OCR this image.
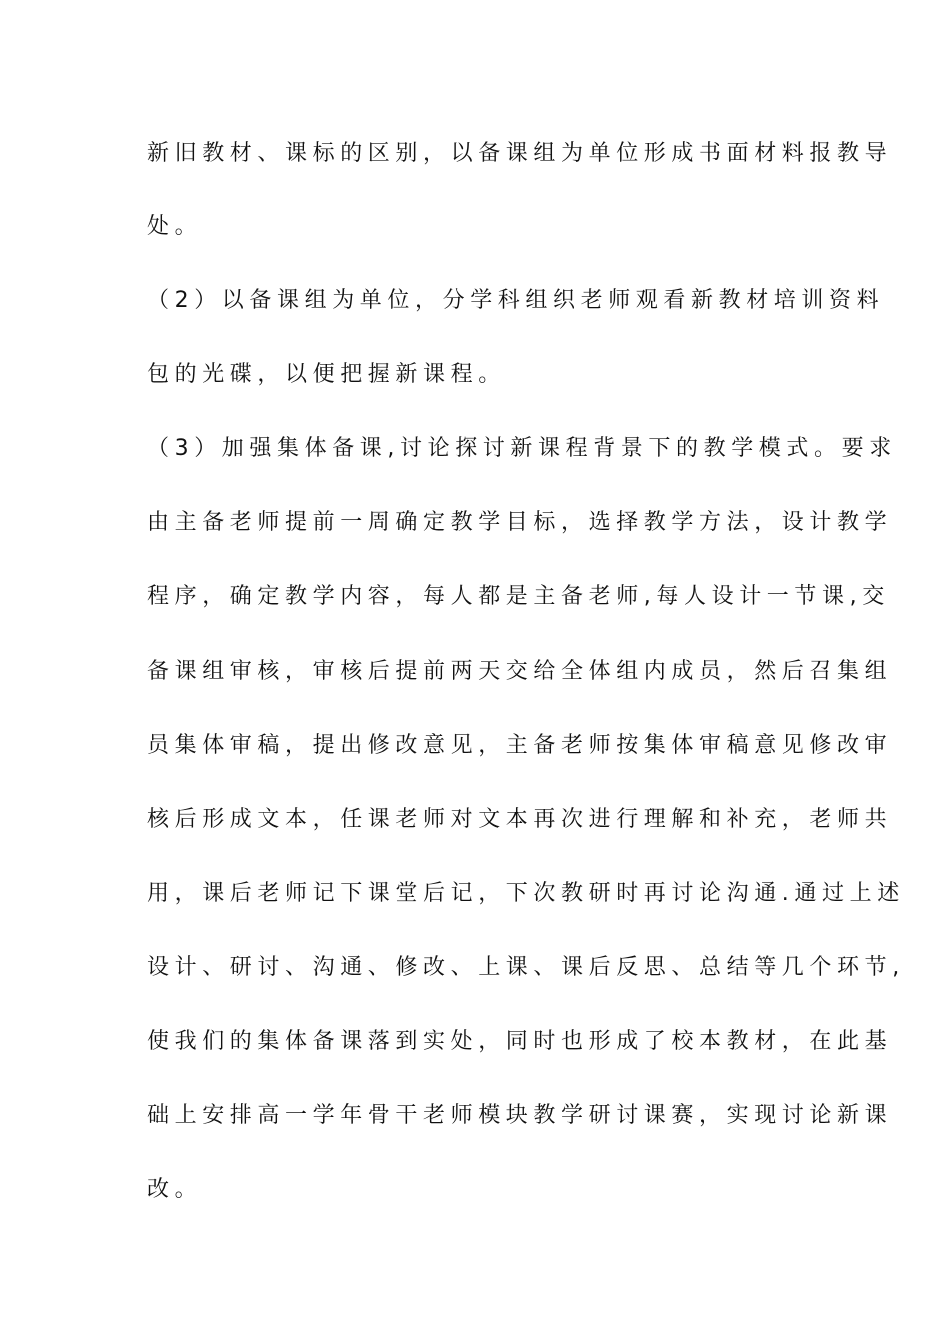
新旧教材、课标的区别，以备课组为单位形成书面材料报教导
处。
（2）以备课组为单位，分学科组织老师观看新教材培训资料
包的光碟，以便把握新课程。
（3）加强集体备课,讨论探讨新课程背景下的教学模式。要求
由主备老师提前一周确定教学目标，选择教学方法，设计教学
程序，确定教学内容，每人都是主备老师,每人设计一节课,交
备课组审核，审核后提前两天交给全体组内成员，然后召集组
员集体审稿，提出修改意见，主备老师按集体审稿意见修改审
核后形成文本，任课老师对文本再次进行理解和补充，老师共
用，课后老师记下课堂后记，下次教研时再讨论沟通.通过上述
设计、研讨、沟通、修改、上课、课后反思、总结等几个环节,
使我们的集体备课落到实处，同时也形成了校本教材，在此基
础上安排高一学年骨干老师模块教学研讨课赛，实现讨论新课
改。
